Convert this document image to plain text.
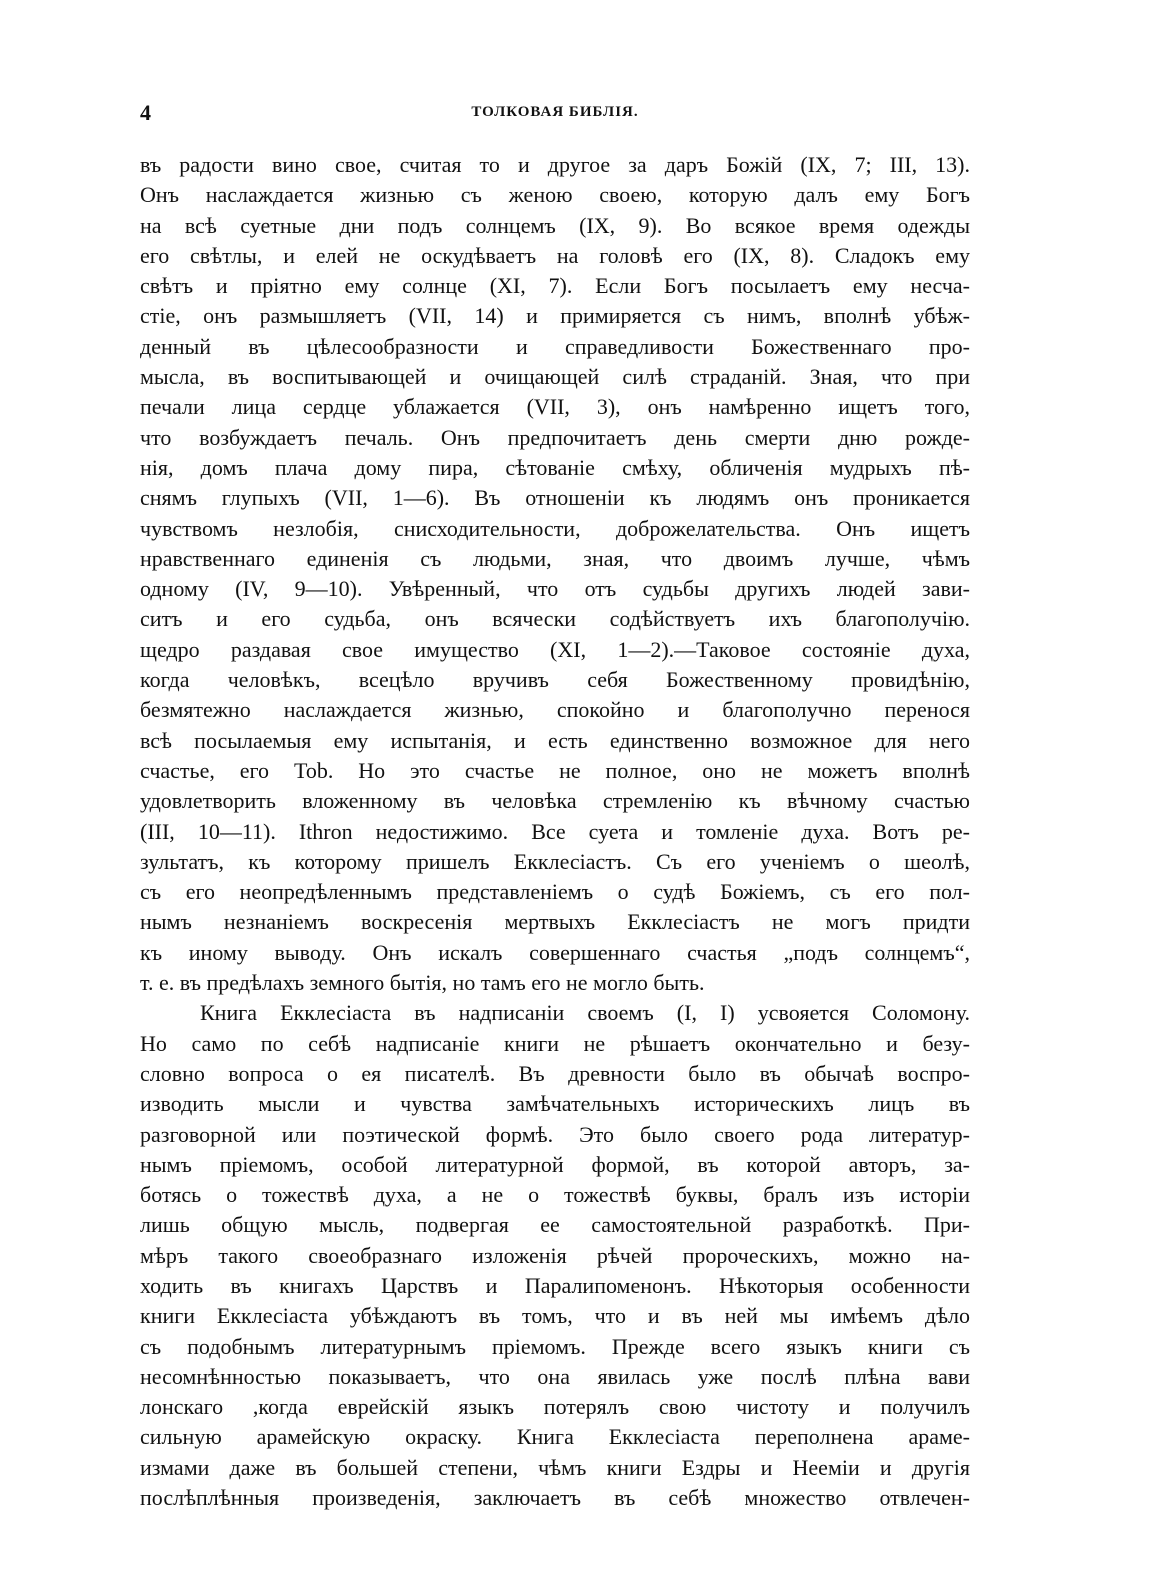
4	ТОЛКОВАЯ БИБЛІЯ.
въ радости вино свое, считая то и другое за даръ Божій (IX, 7; III, 13).
Онъ наслаждается жизнью съ женою своею, которую далъ ему Богъ
на всѣ суетные дни подъ солнцемъ (IX, 9). Во всякое время одежды
его свѣтлы, и елей не оскудѣваетъ на головѣ его (IX, 8). Сладокъ ему
свѣтъ и пріятно ему солнце (XI, 7). Если Богъ посылаетъ ему несча-
стіе, онъ размышляетъ (VII, 14) и примиряется съ нимъ, вполнѣ убѣж-
денный въ цѣлесообразности и справедливости Божественнаго про-
мысла, въ воспитывающей и очищающей силѣ страданій. Зная, что при
печали лица сердце ублажается (VII, 3), онъ намѣренно ищетъ того,
что возбуждаетъ печаль. Онъ предпочитаетъ день смерти дню рожде-
нія, домъ плача дому пира, сѣтованіе смѣху, обличенія мудрыхъ пѣ-
снямъ глупыхъ (VII, 1—6). Въ отношеніи къ людямъ онъ проникается
чувствомъ незлобія, снисходительности, доброжелательства. Онъ ищетъ
нравственнаго единенія съ людьми, зная, что двоимъ лучше, чѣмъ
одному (IV, 9—10). Увѣренный, что отъ судьбы другихъ людей зави-
ситъ и его судьба, онъ всячески содѣйствуетъ ихъ благополучію.
щедро раздавая свое имущество (XI, 1—2).—Таковое состояніе духа,
когда человѣкъ, всецѣло вручивъ себя Божественному провидѣнію,
безмятежно наслаждается жизнью, спокойно и благополучно перенося
всѣ посылаемыя ему испытанія, и есть единственно возможное для него
счастье, его Tob. Но это счастье не полное, оно не можетъ вполнѣ
удовлетворить вложенному въ человѣка стремленію къ вѣчному счастью
(III, 10—11). Ithron недостижимо. Все суета и томленіе духа. Вотъ ре-
зультатъ, къ которому пришелъ Екклесіастъ. Съ его ученіемъ о шеолѣ,
съ его неопредѣленнымъ представленіемъ о судѣ Божіемъ, съ его пол-
нымъ незнаніемъ воскресенія мертвыхъ Екклесіастъ не могъ придти
къ иному выводу. Онъ искалъ совершеннаго счастья „подъ солнцемъ“,
т. е. въ предѣлахъ земного бытія, но тамъ его не могло быть.
Книга Екклесіаста въ надписаніи своемъ (I, I) усвояется Соломону.
Но само по себѣ надписаніе книги не рѣшаетъ окончательно и безу-
словно вопроса о ея писателѣ. Въ древности было въ обычаѣ воспро-
изводить мысли и чувства замѣчательныхъ историческихъ лицъ въ
разговорной или поэтической формѣ. Это было своего рода литератур-
нымъ пріемомъ, особой литературной формой, въ которой авторъ, за-
ботясь о тожествѣ духа, а не о тожествѣ буквы, бралъ изъ исторіи
лишь общую мысль, подвергая ее самостоятельной разработкѣ. При-
мѣръ такого своеобразнаго изложенія рѣчей пророческихъ, можно на-
ходить въ книгахъ Царствъ и Паралипоменонъ. Нѣкоторыя особенности
книги Екклесіаста убѣждаютъ въ томъ, что и въ ней мы имѣемъ дѣло
съ подобнымъ литературнымъ пріемомъ. Прежде всего языкъ книги съ
несомнѣнностью показываетъ, что она явилась уже послѣ плѣна вави
лонскаго ,когда еврейскій языкъ потерялъ свою чистоту и получилъ
сильную арамейскую окраску. Книга Екклесіаста переполнена араме-
измами даже въ большей степени, чѣмъ книги Ездры и Нееміи и другія
послѣплѣнныя произведенія, заключаетъ въ себѣ множество отвлечен-
